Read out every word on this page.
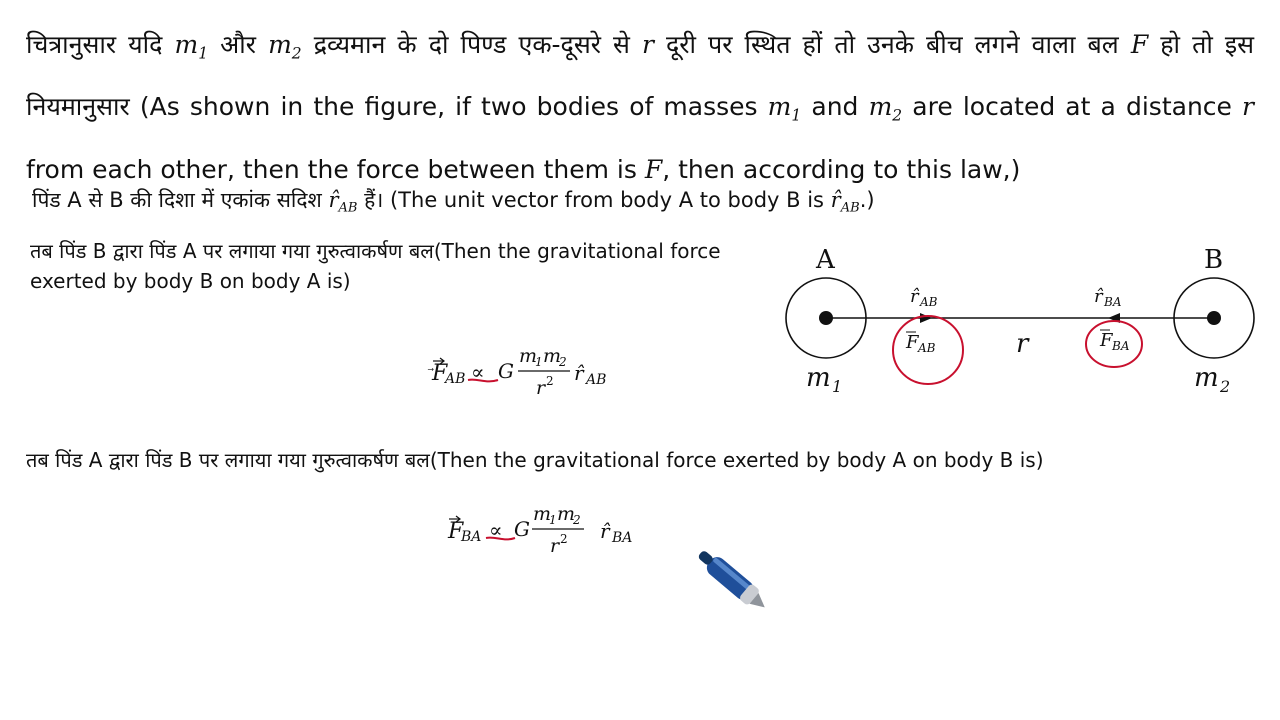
चित्रानुसार यदि $m_1$ और $m_2$ द्रव्यमान के दो पिण्ड एक-दूसरे से r दूरी पर स्थित हों तो उनके बीच लगने वाला बल F हो तो इस नियमानुसार (As shown in the figure, if two bodies of masses $m_1$ and $m_2$ are located at a distance r from each other, then the force between them is F, then according to this law,)
पिंड A से B की दिशा में एकांक सदिश $r̂_{AB}$ हैं। (The unit vector from body A to body B is $r̂_{AB}$.)
तब पिंड B द्वारा पिंड A पर लगाया गया गुरुत्वाकर्षण बल(Then the gravitational force exerted by body B on body A is)
F
AB ∝ G
m
1 m
2
r 2 r̂ AB
तब पिंड A द्वारा पिंड B पर लगाया गया गुरुत्वाकर्षण बल(Then the gravitational force exerted by body A on body B is)
F
BA ∝ G
m
1 m
2
r 2 r̂ BA
A	B
r̂ AB	r̂ BA
F AB	F BA
r
m 1	m 2
